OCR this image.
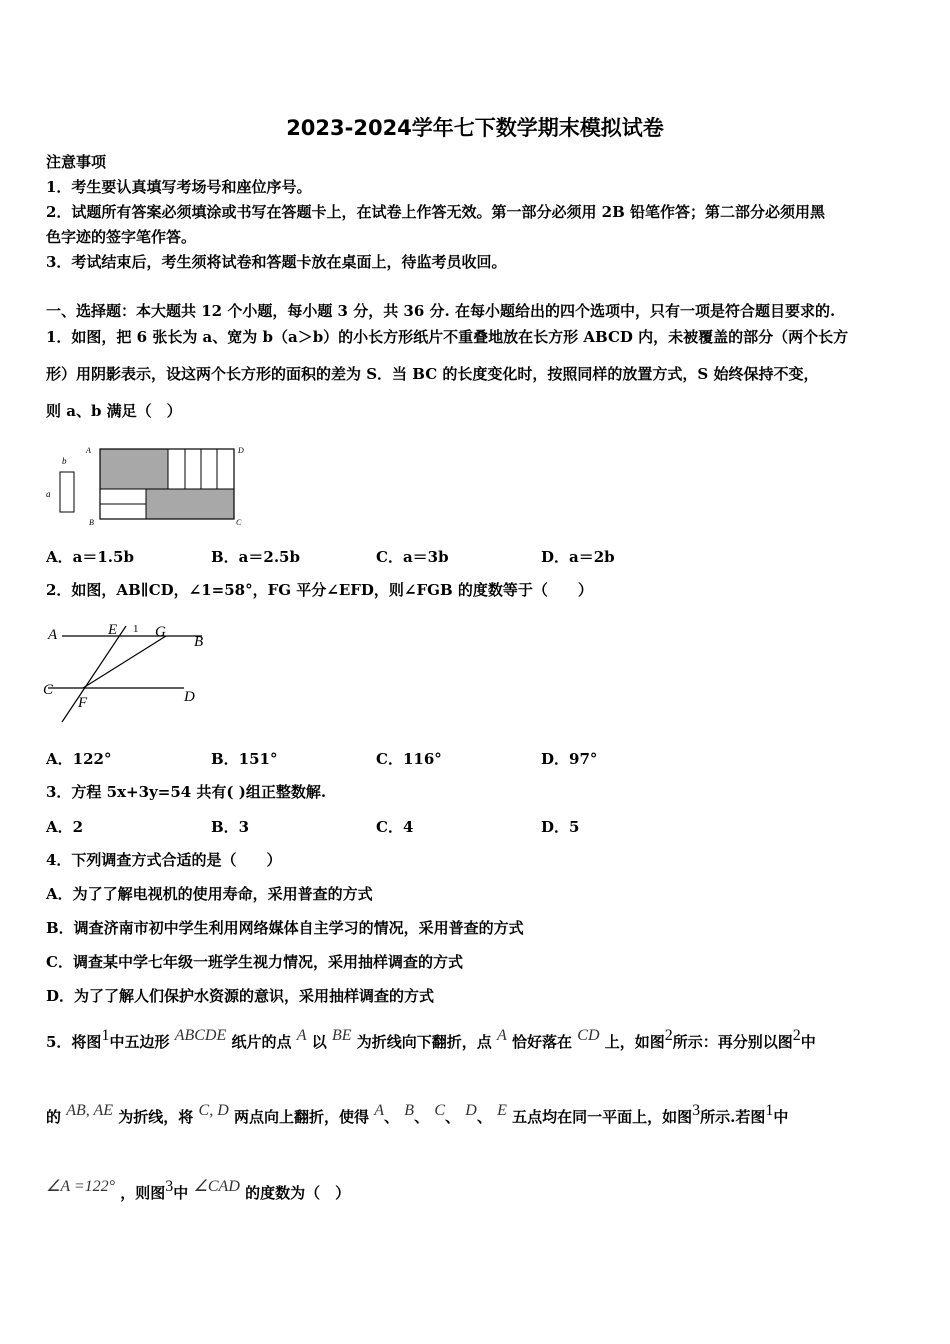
2023-2024学年七下数学期末模拟试卷
注意事项
1．考生要认真填写考场号和座位序号。
2．试题所有答案必须填涂或书写在答题卡上，在试卷上作答无效。第一部分必须用 2B 铅笔作答；第二部分必须用黑
色字迹的签字笔作答。
3．考试结束后，考生须将试卷和答题卡放在桌面上，待监考员收回。
一、选择题：本大题共 12 个小题，每小题 3 分，共 36 分. 在每小题给出的四个选项中，只有一项是符合题目要求的.
1．如图，把 6 张长为 a、宽为 b（a＞b）的小长方形纸片不重叠地放在长方形 ABCD 内，未被覆盖的部分（两个长方
形）用阴影表示，设这两个长方形的面积的差为 S．当 BC 的长度变化时，按照同样的放置方式，S 始终保持不变，
则 a、b 满足（　）
b
a
A	D
B	C
A．a＝1.5b	B．a＝2.5b	C．a＝3b	D．a＝2b
2．如图，AB∥CD，∠1=58°，FG 平分∠EFD，则∠FGB 的度数等于（　　）
A	E 1 G
B
C
F	D
A．122°	B．151°	C．116°	D．97°
3．方程 5x+3y=54 共有( )组正整数解.
A．2	B．3	C．4	D．5
4．下列调查方式合适的是（　　）
A．为了了解电视机的使用寿命，采用普查的方式
B．调查济南市初中学生利用网络媒体自主学习的情况，采用普查的方式
C．调查某中学七年级一班学生视力情况，采用抽样调查的方式
D．为了了解人们保护水资源的意识，采用抽样调查的方式
5．将图1中五边形 ABCDE 纸片的点 A 以 BE 为折线向下翻折，点 A 恰好落在 CD 上，如图2所示：再分别以图2中
的 AB, AE 为折线，将 C, D 两点向上翻折，使得 A、 B、 C、 D、 E 五点均在同一平面上，如图3所示.若图1中
∠A =122° ，则图3中 ∠CAD 的度数为（　）
